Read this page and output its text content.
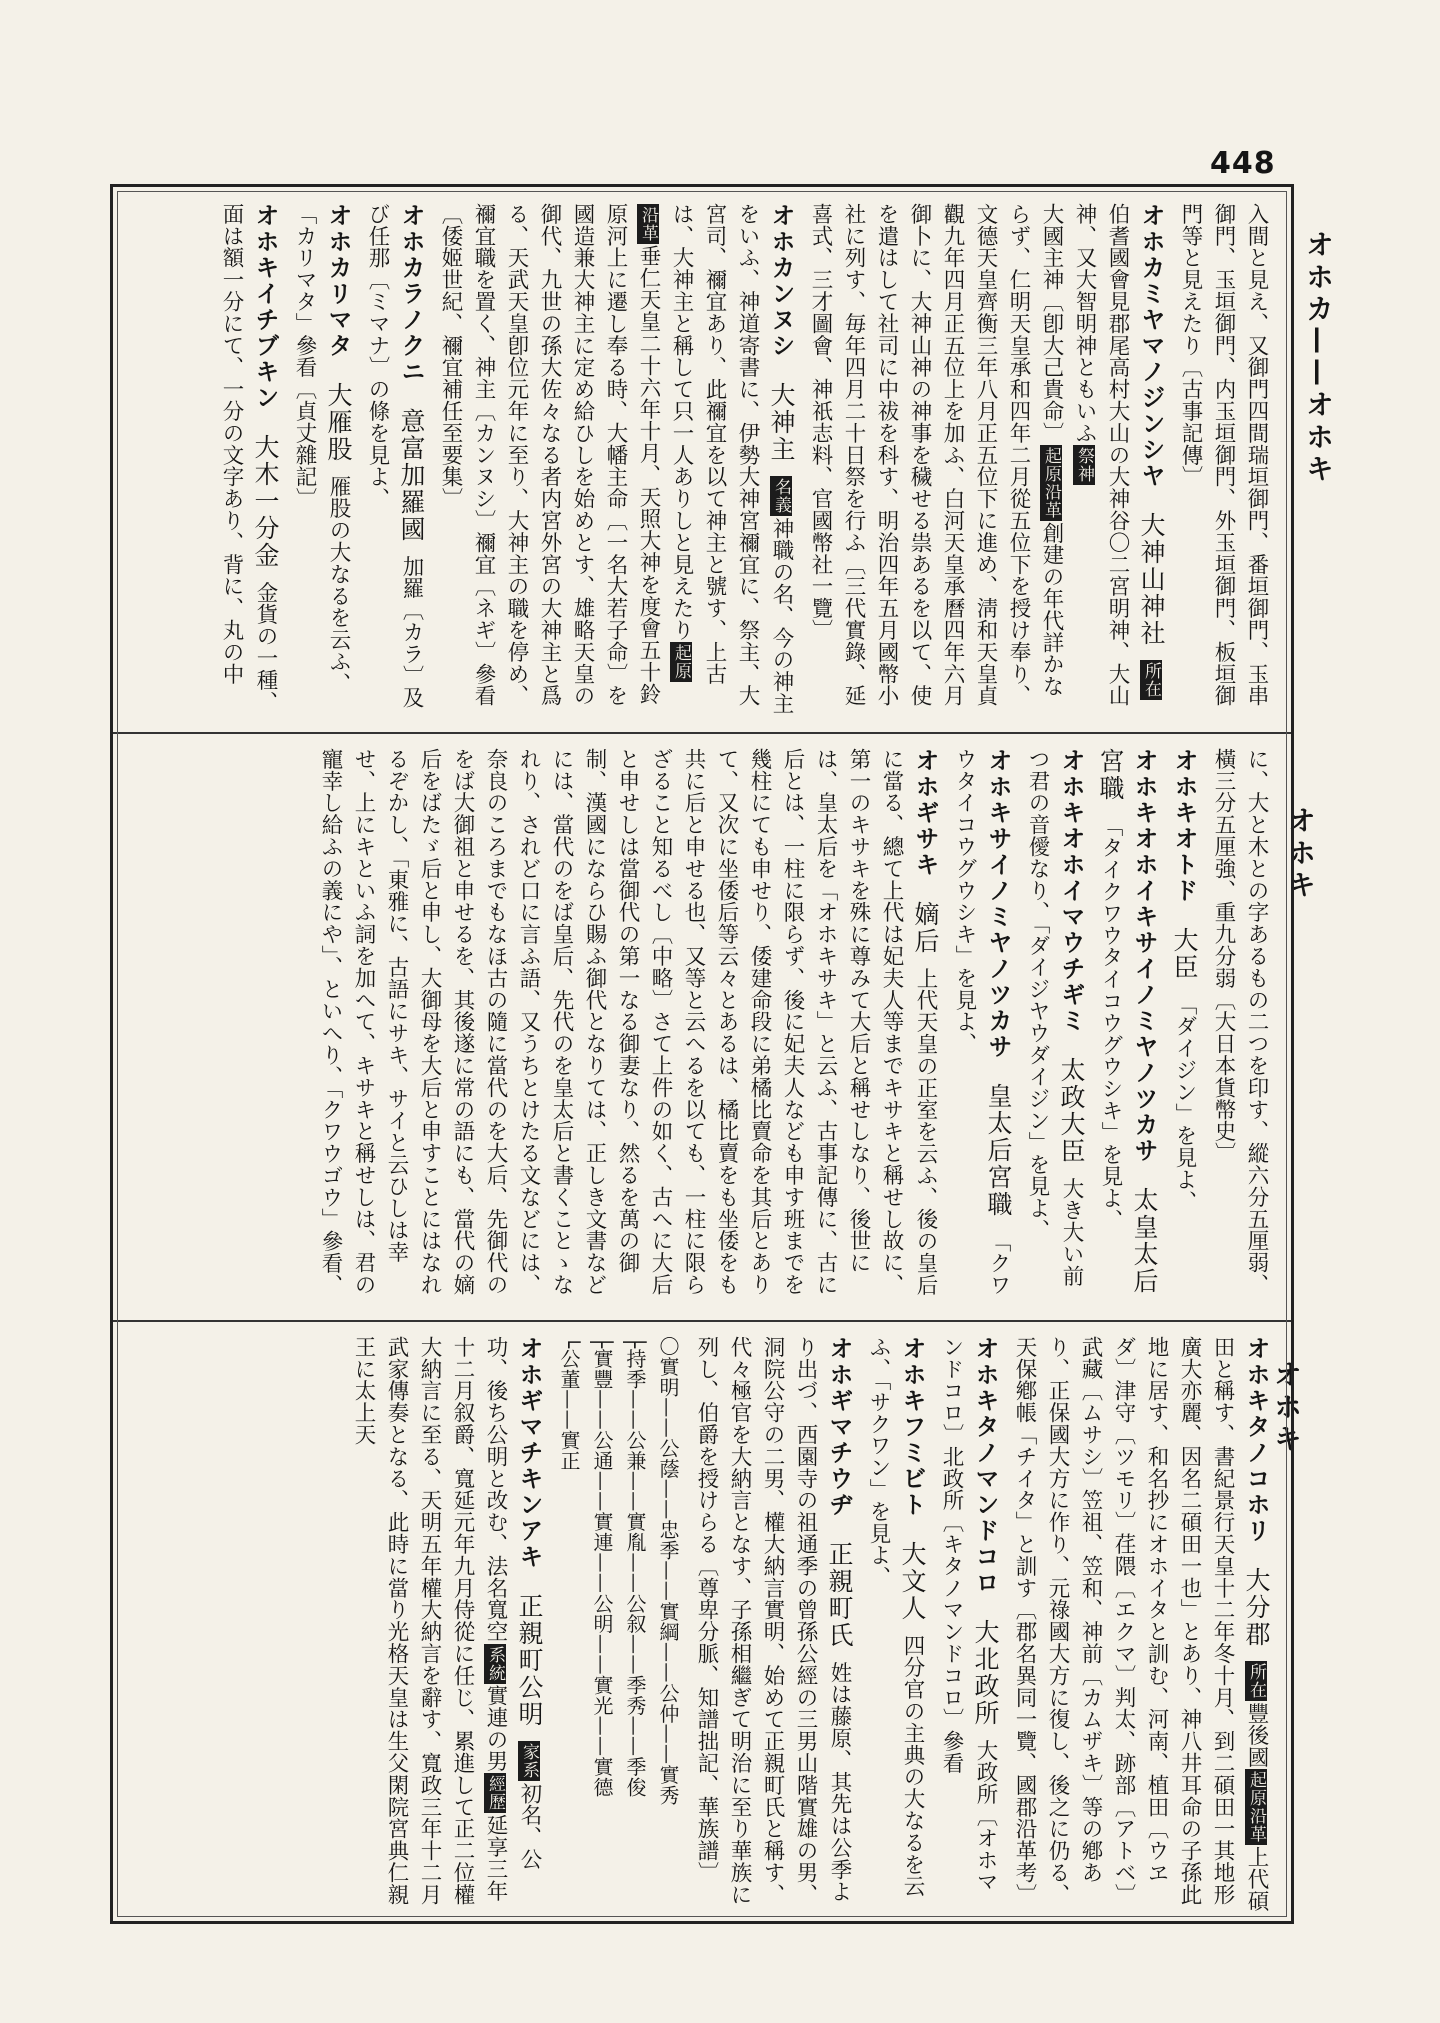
448
オホカ——オホキ
オホキ
オホキ

入間と見え、又御門四間瑞垣御門、番垣御門、玉串御門、玉垣御門、内玉垣御門、外玉垣御門、板垣御門等と見えたり〔古事記傳〕

オホカミヤマノジンシヤ大神山神社所在伯耆國會見郡尾高村大山の大神谷〇二宮明神、大山神、又大智明神ともいふ祭神大國主神〔卽大己貴命〕起原沿革創建の年代詳かならず、仁明天皇承和四年二月從五位下を授け奉り、文德天皇齊衡三年八月正五位下に進め、淸和天皇貞觀九年四月正五位上を加ふ、白河天皇承曆四年六月御卜に、大神山神の神事を穢せる祟あるを以て、使を遣はして社司に中祓を科す、明治四年五月國幣小社に列す、毎年四月二十日祭を行ふ〔三代實錄、延喜式、三才圖會、神祇志料、官國幣社一覽〕

オホカンヌシ大神主名義神職の名、今の神主をいふ、神道寄書に、伊勢大神宮禰宜に、祭主、大宮司、禰宜あり、此禰宜を以て神主と號す、上古は、大神主と稱して只一人ありしと見えたり起原沿革垂仁天皇二十六年十月、天照大神を度會五十鈴原河上に遷し奉る時、大幡主命〔一名大若子命〕を國造兼大神主に定め給ひしを始めとす、雄略天皇の御代、九世の孫大佐々なる者内宮外宮の大神主と爲る、天武天皇卽位元年に至り、大神主の職を停め、禰宜職を置く、神主〔カンヌシ〕禰宜〔ネギ〕參看〔倭姬世紀、禰宜補任至要集〕

オホカラノクニ意富加羅國加羅〔カラ〕及び任那〔ミマナ〕の條を見よ、

オホカリマタ大雁股雁股の大なるを云ふ、「カリマタ」參看〔貞丈雜記〕

オホキイチブキン大木一分金金貨の一種、面は額一分にて、一分の文字あり、背に、丸の中

に、大と木との字あるもの二つを印す、縱六分五厘弱、橫三分五厘強、重九分弱〔大日本貨幣史〕

オホキオトド大臣「ダイジン」を見よ、

オホキオホイキサイノミヤノツカサ太皇太后宮職「タイクワウタイコウグウシキ」を見よ、

オホキオホイマウチギミ太政大臣大き大い前つ君の音僾なり、「ダイジヤウダイジン」を見よ、

オホキサイノミヤノツカサ皇太后宮職「クワウタイコウグウシキ」を見よ、

オホギサキ嫡后上代天皇の正室を云ふ、後の皇后に當る、總て上代は妃夫人等までキサキと稱せし故に、第一のキサキを殊に尊みて大后と稱せしなり、後世には、皇太后を「オホキサキ」と云ふ、古事記傳に、古に后とは、一柱に限らず、後に妃夫人なども申す班までを幾柱にても申せり、倭建命段に弟橘比賣命を其后とありて、又次に坐倭后等云々とあるは、橘比賣をも坐倭をも共に后と申せる也、又等と云へるを以ても、一柱に限らざること知るべし〔中略〕さて上件の如く、古へに大后と申せしは當御代の第一なる御妻なり、然るを萬の御制、漢國にならひ賜ふ御代となりては、正しき文書などには、當代のをば皇后、先代のを皇太后と書くことゝなれり、されど口に言ふ語、又うちとけたる文などには、奈良のころまでもなほ古の隨に當代のを大后、先御代のをば大御祖と申せるを、其後遂に常の語にも、當代の嫡后をばたゞ后と申し、大御母を大后と申すことにはなれるぞかし、「東雅に、古語にサキ、サイと云ひしは幸せ、上にキといふ詞を加へて、キサキと稱せしは、君の寵幸し給ふの義にや」、といへり、「クワウゴウ」參看、

オホキタノコホリ大分郡所在豐後國起原沿革上代碩田と稱す、書紀景行天皇十二年冬十月、到二碩田一其地形廣大亦麗、因名二碩田一也」とあり、神八井耳命の子孫此地に居す、和名抄にオホイタと訓む、河南、植田〔ウヱダ〕津守〔ツモリ〕荏隈〔エクマ〕判太、跡部〔アトベ〕武藏〔ムサシ〕笠祖、笠和、神前〔カムザキ〕等の鄕あり、正保國大方に作り、元祿國大方に復し、後之に仍る、天保鄕帳「チイタ」と訓す〔郡名異同一覽、國郡沿革考〕

オホキタノマンドコロ大北政所大政所〔オホマンドコロ〕北政所〔キタノマンドコロ〕參看

オホキフミビト大文人四分官の主典の大なるを云ふ、「サクワン」を見よ、

オホギマチウヂ正親町氏姓は藤原、其先は公季より出づ、西園寺の祖通季の曾孫公經の三男山階實雄の男、洞院公守の二男、權大納言實明、始めて正親町氏と稱す、代々極官を大納言となす、子孫相繼ぎて明治に至り華族に列し、伯爵を授けらる〔尊卑分脈、知譜拙記、華族譜〕

〇實明——公蔭——忠季——實綱——公仲——實秀
├持季——公兼——實胤——公叙——季秀——季俊
├實豐——公通——實連——公明——實光——實德
└公董——實正

オホギマチキンアキ正親町公明家系初名、公功、後ち公明と改む、法名寬空系統實連の男經歷延享三年十二月叙爵、寬延元年九月侍從に任じ、累進して正二位權大納言に至る、天明五年權大納言を辭す、寬政三年十二月武家傳奏となる、此時に當り光格天皇は生父閑院宮典仁親王に太上天
